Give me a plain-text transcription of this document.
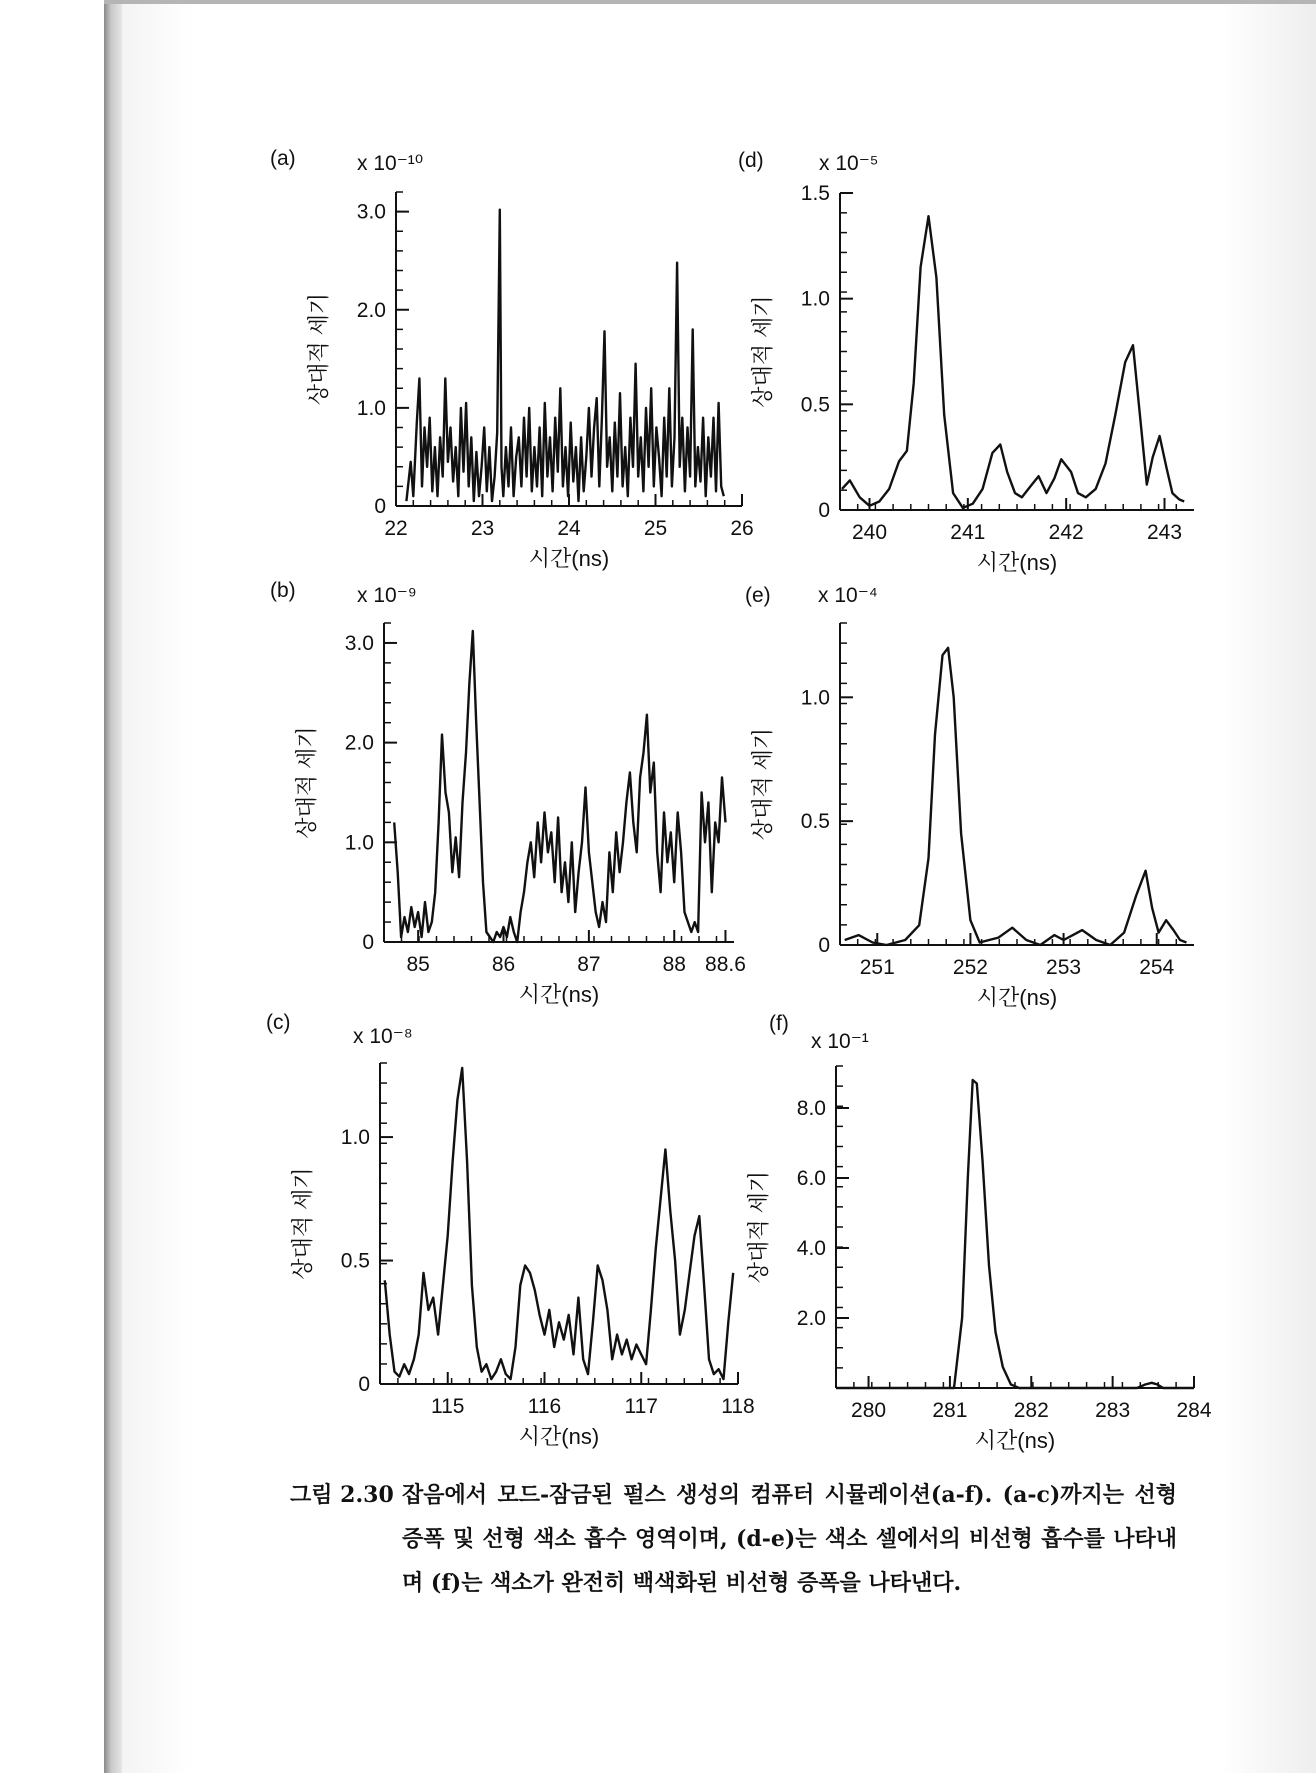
0
1.0
2.0
3.0
22	23	24	25	26
(a)	x 10⁻¹⁰
시간(ns)
상대적 세기
0
1.0
2.0
3.0
85	86	87	88 88.6
(b)	x 10⁻⁹
시간(ns)
상대적 세기
0
0.5
1.0
115	116	117	118
(c)
x 10⁻⁸
시간(ns)
상대적 세기
0
0.5
1.0
1.5
240	241	242	243
(d)	x 10⁻⁵
시간(ns)
상대적 세기
0
0.5
1.0
251	252	253	254
(e) x 10⁻⁴
시간(ns)
상대적 세기
2.0
4.0
6.0
8.0
280 281 282 283 284
(f)
x 10⁻¹
시간(ns)
상대적 세기
그림 2.30 잡음에서 모드-잠금된 펄스 생성의 컴퓨터 시뮬레이션(a-f). (a-c)까지는 선형 증폭 및 선형 색소 흡수 영역이며, (d-e)는 색소 셀에서의 비선형 흡수를 나타내며 (f)는 색소가 완전히 백색화된 비선형 증폭을 나타낸다.
